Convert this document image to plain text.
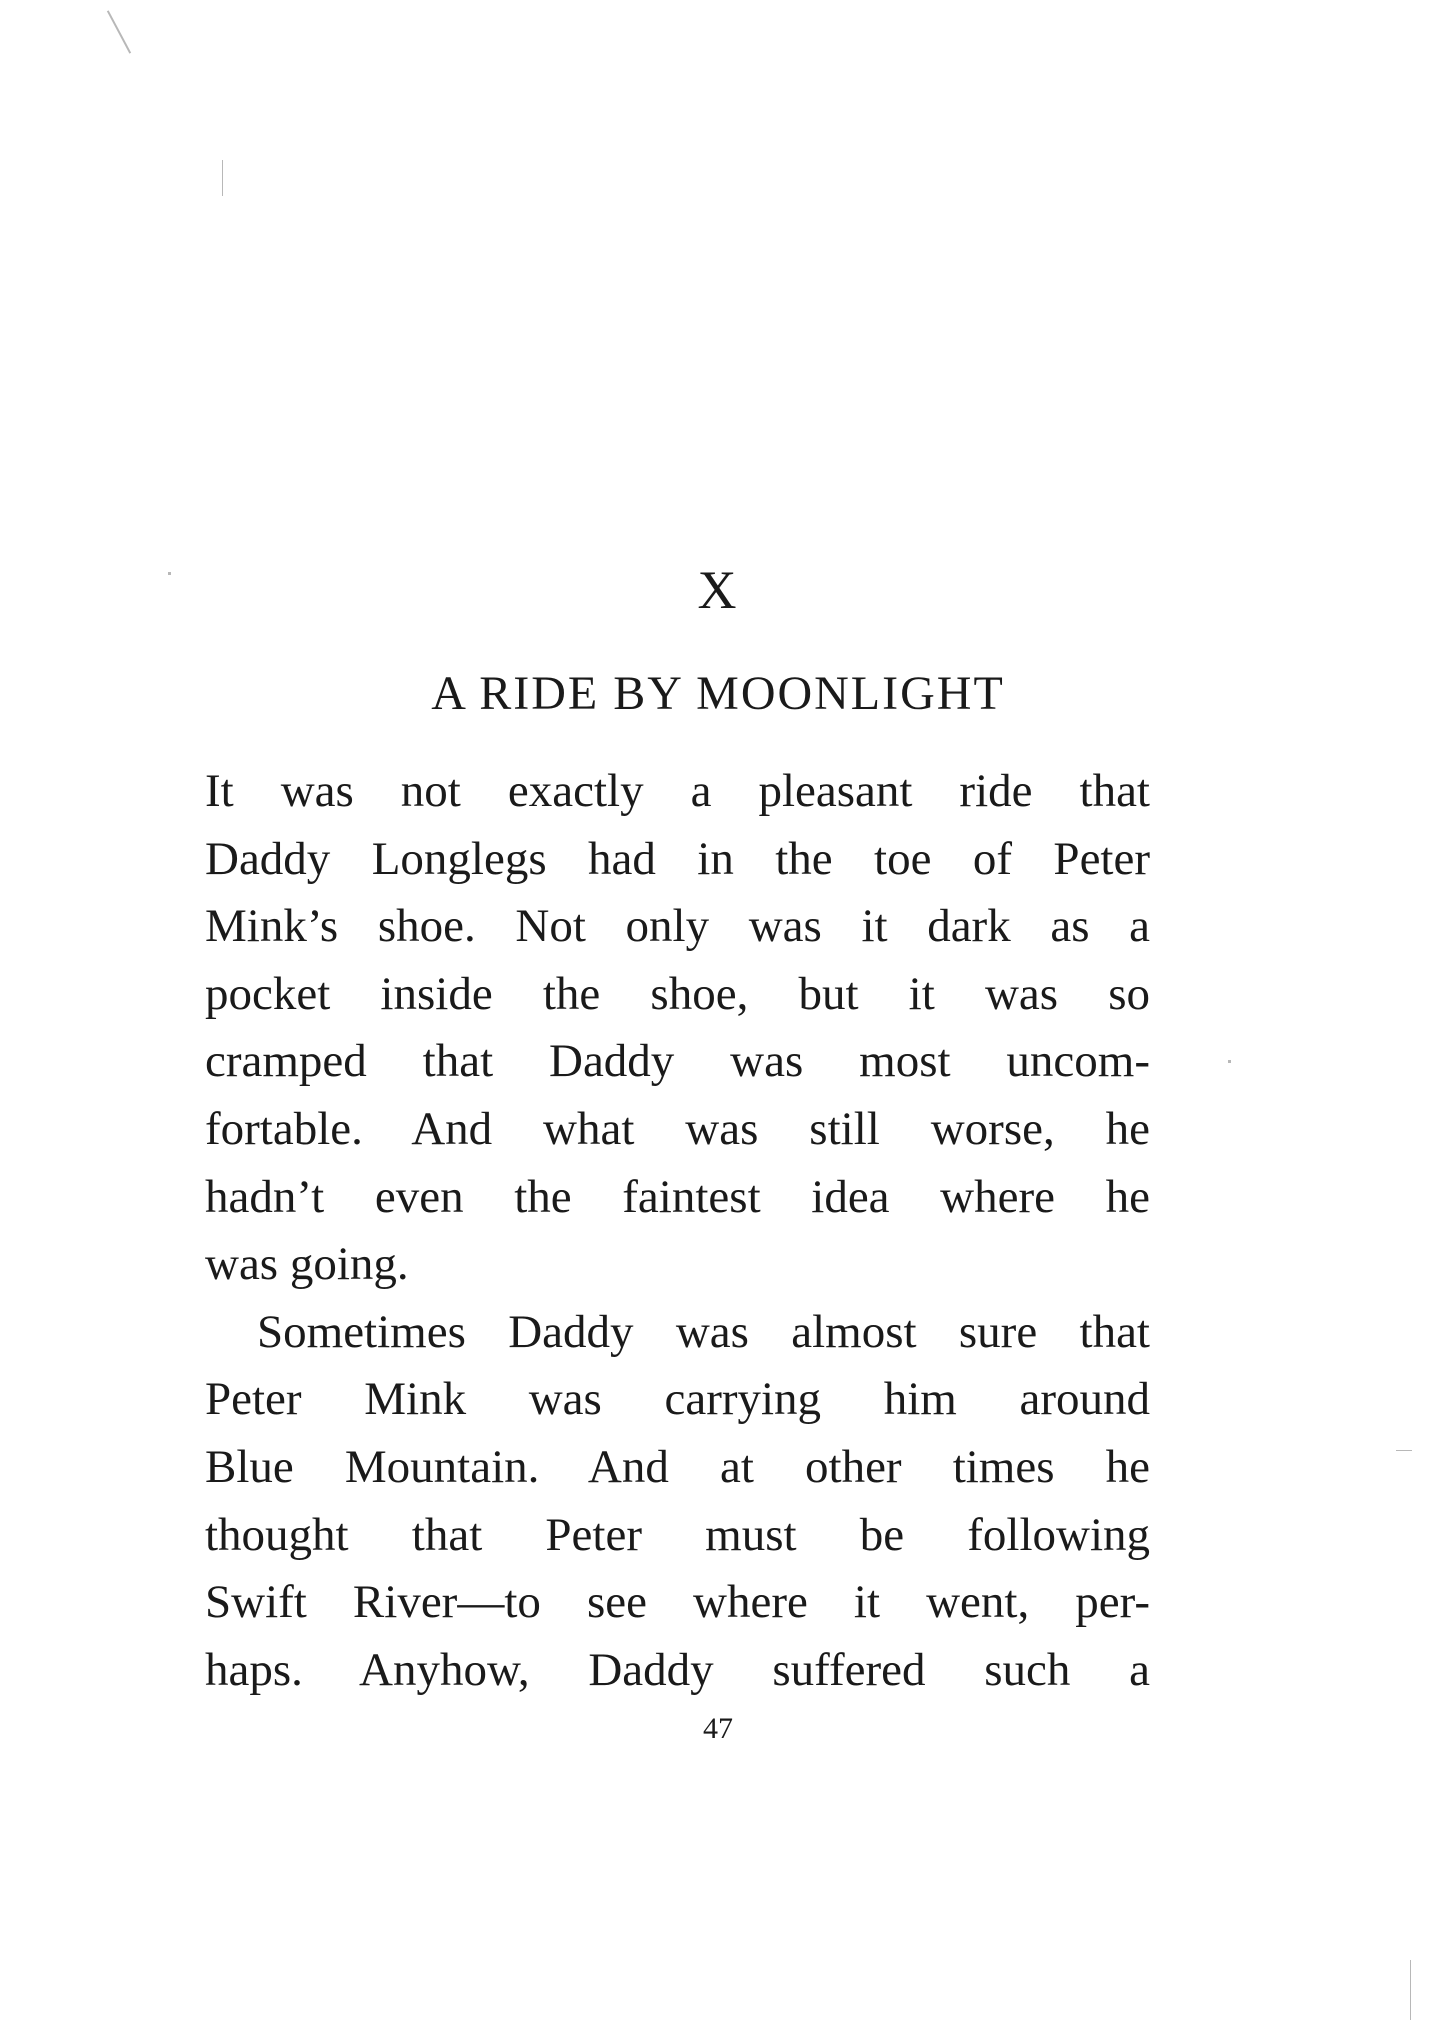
X
A RIDE BY MOONLIGHT
It was not exactly a pleasant ride that
Daddy Longlegs had in the toe of Peter
Mink’s shoe. Not only was it dark as a
pocket inside the shoe, but it was so
cramped that Daddy was most uncom-
fortable. And what was still worse, he
hadn’t even the faintest idea where he
was going.
Sometimes Daddy was almost sure that
Peter Mink was carrying him around
Blue Mountain. And at other times he
thought that Peter must be following
Swift River—to see where it went, per-
haps. Anyhow, Daddy suffered such a
47
